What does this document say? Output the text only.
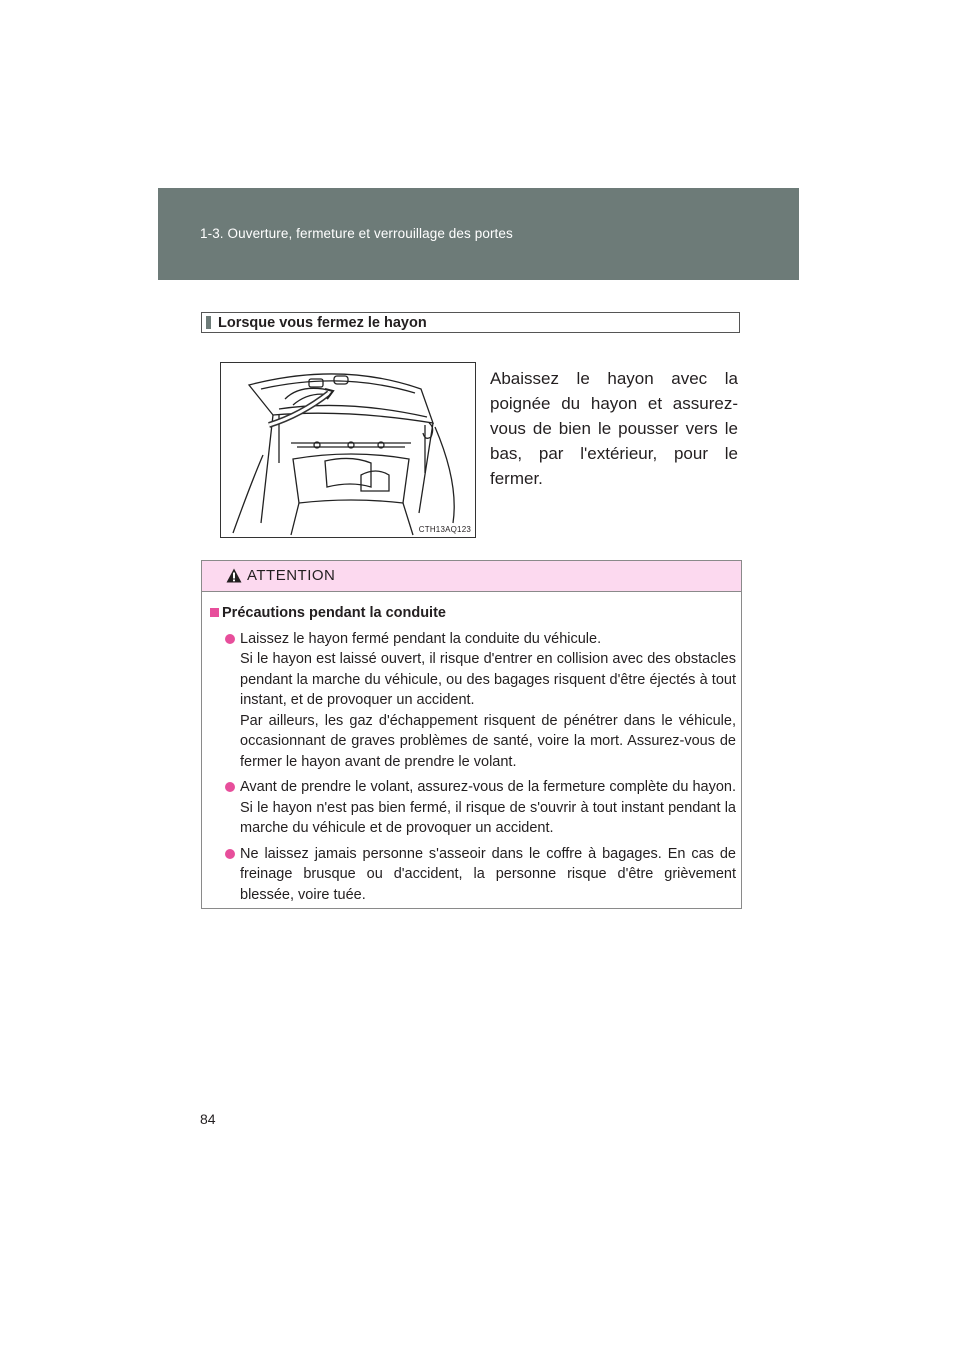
1-3. Ouverture, fermeture et verrouillage des portes
Lorsque vous fermez le hayon
CTH13AQ123
Abaissez le hayon avec la poignée du hayon et assurez-vous de bien le pousser vers le bas, par l'extérieur, pour le fermer.
ATTENTION
Précautions pendant la conduite

Laissez le hayon fermé pendant la conduite du véhicule.

Si le hayon est laissé ouvert, il risque d'entrer en collision avec des obstacles pendant la marche du véhicule, ou des bagages risquent d'être éjectés à tout instant, et de provoquer un accident.

Par ailleurs, les gaz d'échappement risquent de pénétrer dans le véhicule, occasionnant de graves problèmes de santé, voire la mort. Assurez-vous de fermer le hayon avant de prendre le volant.

Avant de prendre le volant, assurez-vous de la fermeture complète du hayon. Si le hayon n'est pas bien fermé, il risque de s'ouvrir à tout instant pendant la marche du véhicule et de provoquer un accident.

Ne laissez jamais personne s'asseoir dans le coffre à bagages. En cas de freinage brusque ou d'accident, la personne risque d'être grièvement blessée, voire tuée.

84
